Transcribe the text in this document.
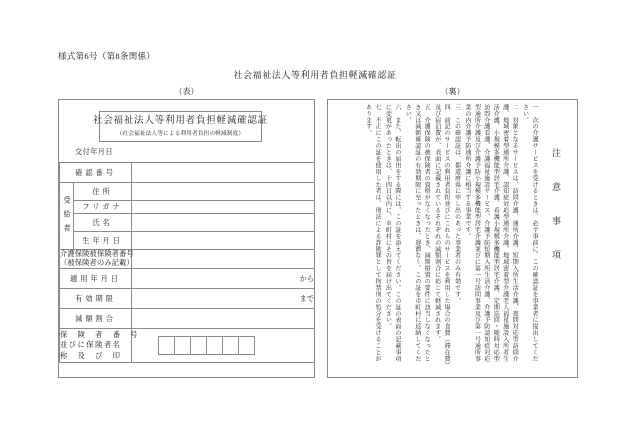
様式第6号（第8条関係）
社会福祉法人等利用者負担軽減確認証
（表）	（裏）
社会福祉法人等利用者負担軽減確認証
（社会福祉法人等による利用者負担の軽減制度）
交付年月日
確認番号		
受給者	住所	
	フリガナ	
	氏名	
	生年月日	

介護保険被保険者番号
（被保険者のみ記載）		

適用年月日		から
有効期限		まで
減額割合		

保　険　者　番　号
並びに保険者名
称　及　び　印		

注　意　事　項
一　次の介護サービスを受けるときは、必ず事前に、この確認証を事業者に提出してください。
二　対象となるサービスは、訪問介護、通所介護、短期入所生活介護、夜間対応型訪問介護、地域密着型通所介護、認知症対応型通所介護、地域密着型介護老人福祉施設入所者生活介護、小規模多機能型居宅介護、看護小規模多機能型居宅介護、定期巡回・随時対応型訪問介護看護、介護福祉施設サービス、介護予防短期入所生活介護、介護予防認知症対応型通所介護及び介護予防小規模多機能型居宅介護並びに第一号訪問事業及び第一号通所事業の内介護予防通所介護に相当する事業です。
三　この確認証は、都道府県に申し出のあった事業者のみ有効です。
四　前記のサービスの利用者負担並びにこれらのサービスを利用した場合の食費（滞在費）及び宿泊費が、表面に記載されているそれぞれの減額割合に応じて軽減されます。
五　介護保険の被保険者の資格がなくなったとき、減額措置の要件に該当しなくなったとき又は減額確認証の有効期限に至ったときは、遅滞なく、この証を市町村に返納してください。
六　また、転出の届出をする際には、この証を添えてください。この証の表面の記載事項に変更があったときは、十四日以内に、市町村にその旨を届け出てください。
七　不正にこの証を使用した者は、刑法による詐欺罪として拘禁刑の処分を受けることがあります。
